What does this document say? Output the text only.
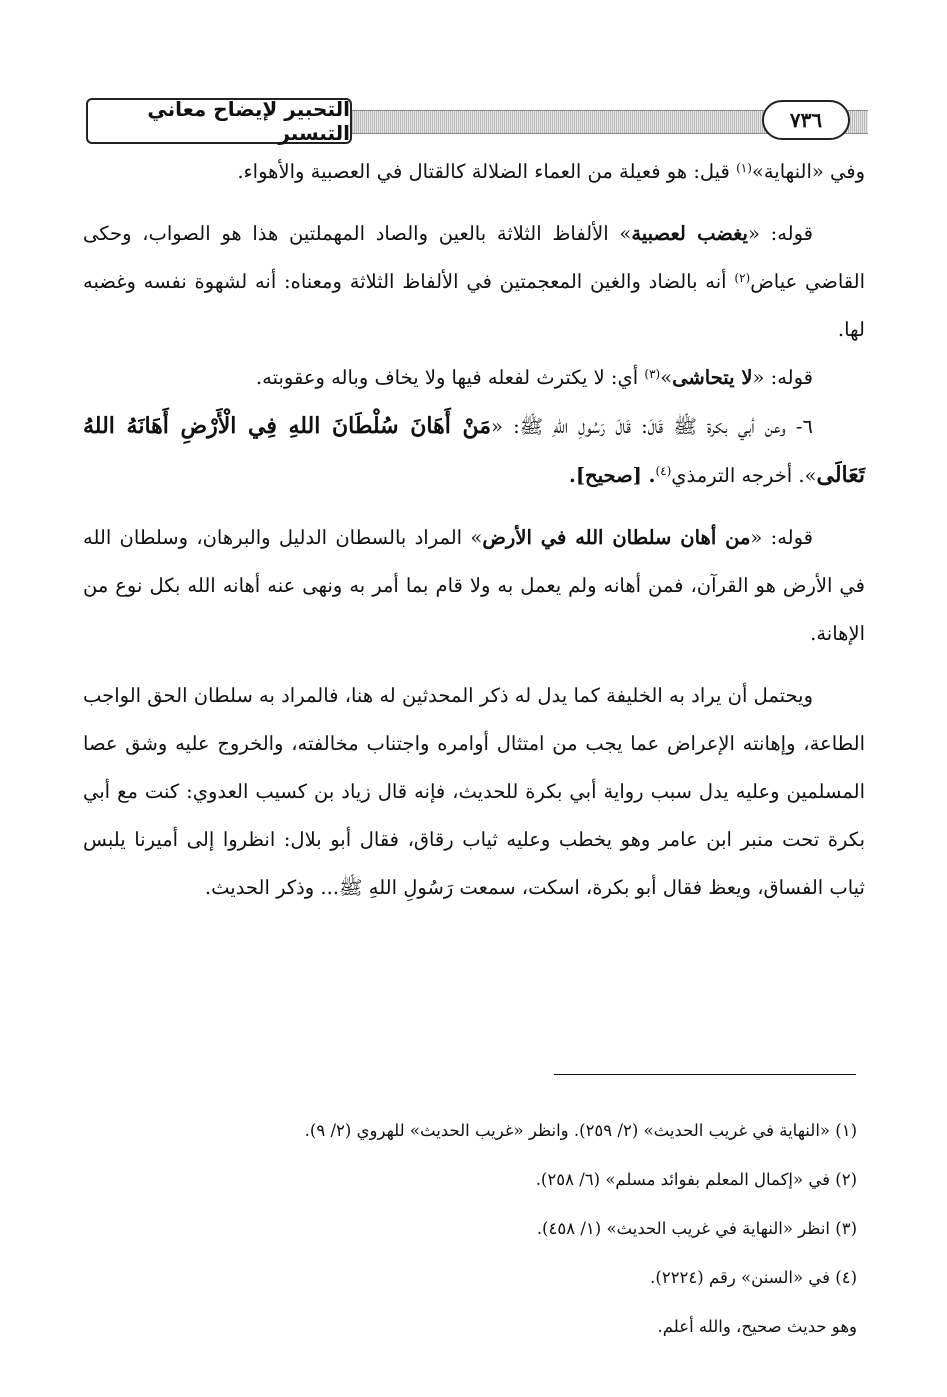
التحبير لإيضاح معاني التيسير
٧٣٦

وفي «النهاية»$^{(١)}$ قيل: هو فعيلة من العماء الضلالة كالقتال في العصبية والأهواء.

قوله: «يغضب لعصبية» الألفاظ الثلاثة بالعين والصاد المهملتين هذا هو الصواب، وحكى القاضي عياض$^{(٢)}$ أنه بالضاد والغين المعجمتين في الألفاظ الثلاثة ومعناه: أنه لشهوة نفسه وغضبه لها.

قوله: «لا يتحاشى»$^{(٣)}$ أي: لا يكترث لفعله فيها ولا يخاف وباله وعقوبته.

٦- وعن أبي بكرة ﷺ قَالَ: قَالَ رَسُولِ اللهِ ﷺ: «مَنْ أَهَانَ سُلْطَانَ اللهِ فِي الْأَرْضِ أَهَانَهُ اللهُ تَعَالَى». أخرجه الترمذي$^{(٤)}$. [صحيح].

قوله: «من أهان سلطان الله في الأرض» المراد بالسطان الدليل والبرهان، وسلطان الله في الأرض هو القرآن، فمن أهانه ولم يعمل به ولا قام بما أمر به ونهى عنه أهانه الله بكل نوع من الإهانة.

ويحتمل أن يراد به الخليفة كما يدل له ذكر المحدثين له هنا، فالمراد به سلطان الحق الواجب الطاعة، وإهانته الإعراض عما يجب من امتثال أوامره واجتناب مخالفته، والخروج عليه وشق عصا المسلمين وعليه يدل سبب رواية أبي بكرة للحديث، فإنه قال زياد بن كسيب العدوي: كنت مع أبي بكرة تحت منبر ابن عامر وهو يخطب وعليه ثياب رقاق، فقال أبو بلال: انظروا إلى أميرنا يلبس ثياب الفساق، ويعظ فقال أبو بكرة، اسكت، سمعت رَسُولِ اللهِ ﷺ... وذكر الحديث.

(١) «النهاية في غريب الحديث» (٢/ ٢٥٩). وانظر «غريب الحديث» للهروي (٢/ ٩).

(٢) في «إكمال المعلم بفوائد مسلم» (٦/ ٢٥٨).

(٣) انظر «النهاية في غريب الحديث» (١/ ٤٥٨).

(٤) في «السنن» رقم (٢٢٢٤).

وهو حديث صحيح، والله أعلم.
